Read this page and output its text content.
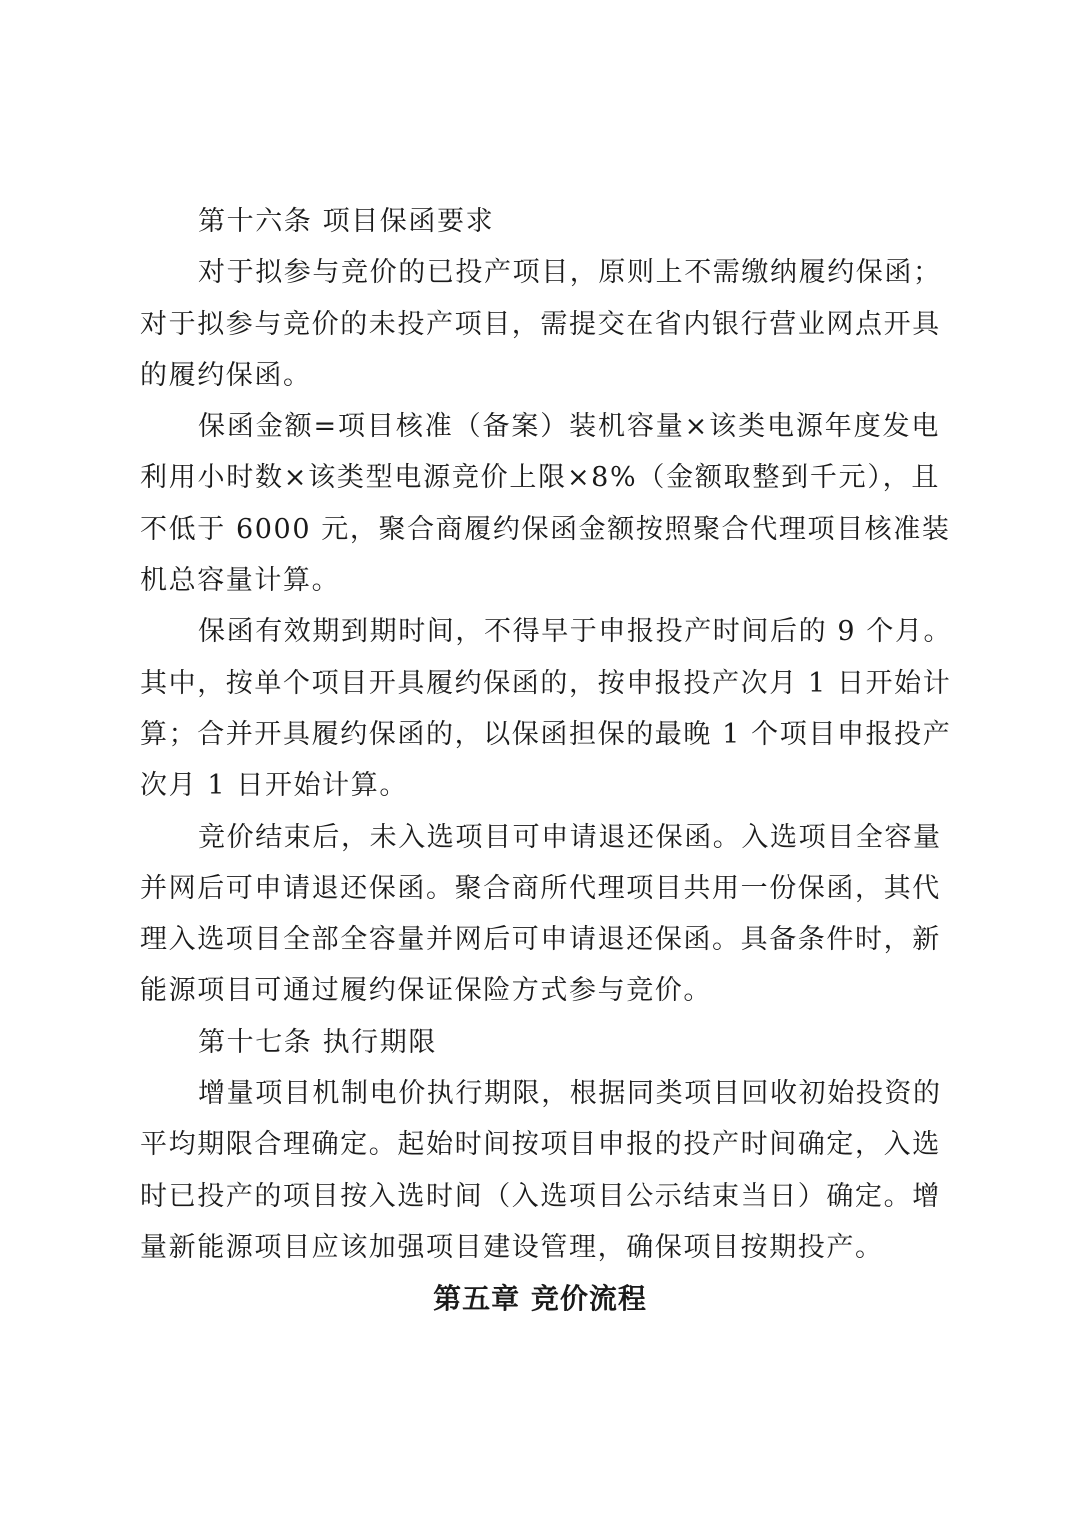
第十六条 项目保函要求
对于拟参与竞价的已投产项目，原则上不需缴纳履约保函；
对于拟参与竞价的未投产项目，需提交在省内银行营业网点开具
的履约保函。
保函金额=项目核准（备案）装机容量×该类电源年度发电
利用小时数×该类型电源竞价上限×8%（金额取整到千元），且
不低于 6000 元，聚合商履约保函金额按照聚合代理项目核准装
机总容量计算。
保函有效期到期时间，不得早于申报投产时间后的 9 个月。
其中，按单个项目开具履约保函的，按申报投产次月 1 日开始计
算；合并开具履约保函的，以保函担保的最晚 1 个项目申报投产
次月 1 日开始计算。
竞价结束后，未入选项目可申请退还保函。入选项目全容量
并网后可申请退还保函。聚合商所代理项目共用一份保函，其代
理入选项目全部全容量并网后可申请退还保函。具备条件时，新
能源项目可通过履约保证保险方式参与竞价。
第十七条 执行期限
增量项目机制电价执行期限，根据同类项目回收初始投资的
平均期限合理确定。起始时间按项目申报的投产时间确定，入选
时已投产的项目按入选时间（入选项目公示结束当日）确定。增
量新能源项目应该加强项目建设管理，确保项目按期投产。
第五章 竞价流程
